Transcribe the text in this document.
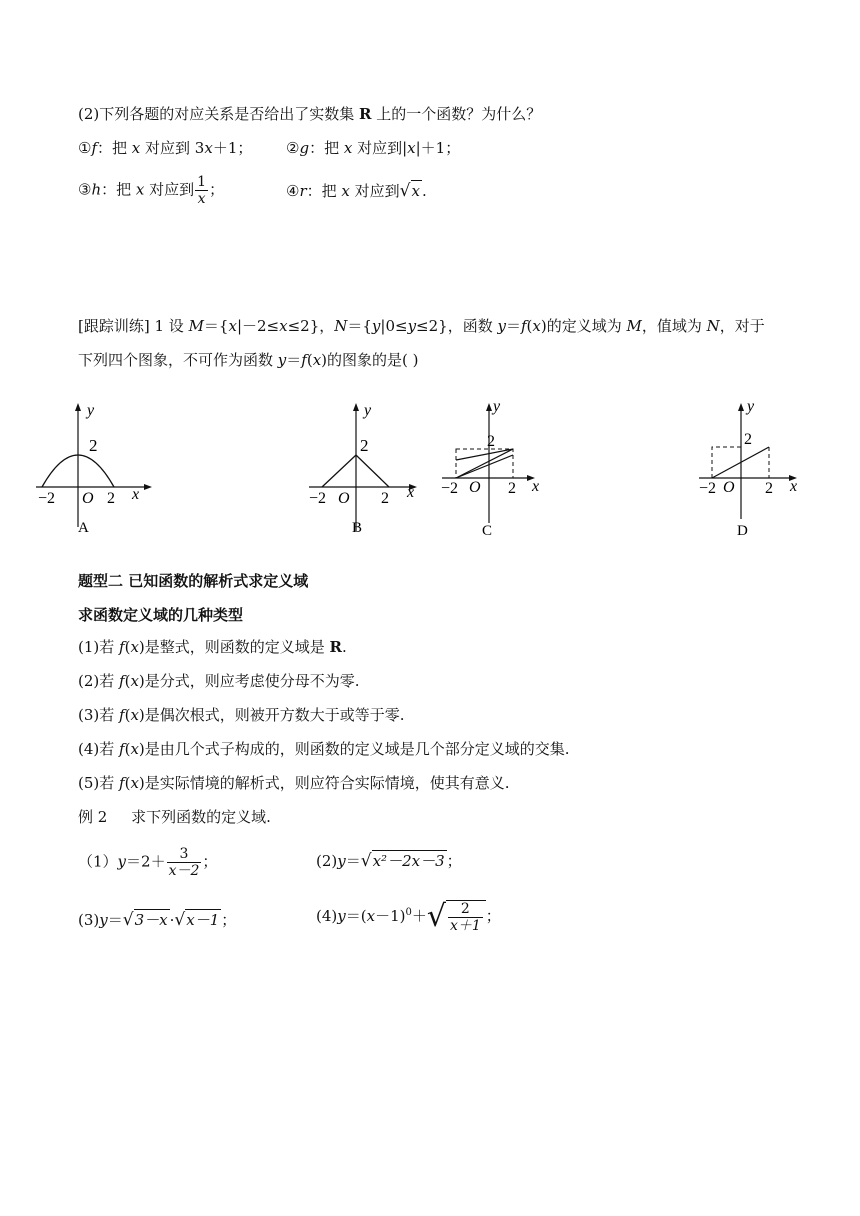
(2)下列各题的对应关系是否给出了实数集 R 上的一个函数？为什么？
①f：把 x 对应到 3x＋1； ②g：把 x 对应到|x|＋1；
③h：把 x 对应到 $\frac{1}{x}$ ；	④r：把 x 对应到√x .
[跟踪训练] 1 设 M＝{x|－2≤x≤2}，N＝{y|0≤y≤2}，函数 y＝f(x)的定义域为 M，值域为 N，对于
下列四个图象，不可作为函数 y＝f(x)的图象的是( )
y
2
−2 O 2 x
A
y
2
−2 O 2 x
B
y
2
−2 O 2 x
C
y
2
−2 O 2 x
D
题型二 已知函数的解析式求定义域
求函数定义域的几种类型
(1)若 f(x)是整式，则函数的定义域是 R.
(2)若 f(x)是分式，则应考虑使分母不为零.
(3)若 f(x)是偶次根式，则被开方数大于或等于零.
(4)若 f(x)是由几个式子构成的，则函数的定义域是几个部分定义域的交集.
(5)若 f(x)是实际情境的解析式，则应符合实际情境，使其有意义.
例 2     求下列函数的定义域.
$(1)y=2+ \frac{3}{x-2}$ ；	(2)y＝√x²－2x－3 ；
(3)y＝√3－x ·√x－1 ；	$(4)y=(x-1)^0+√ \frac{2}{x+1}$ ；
